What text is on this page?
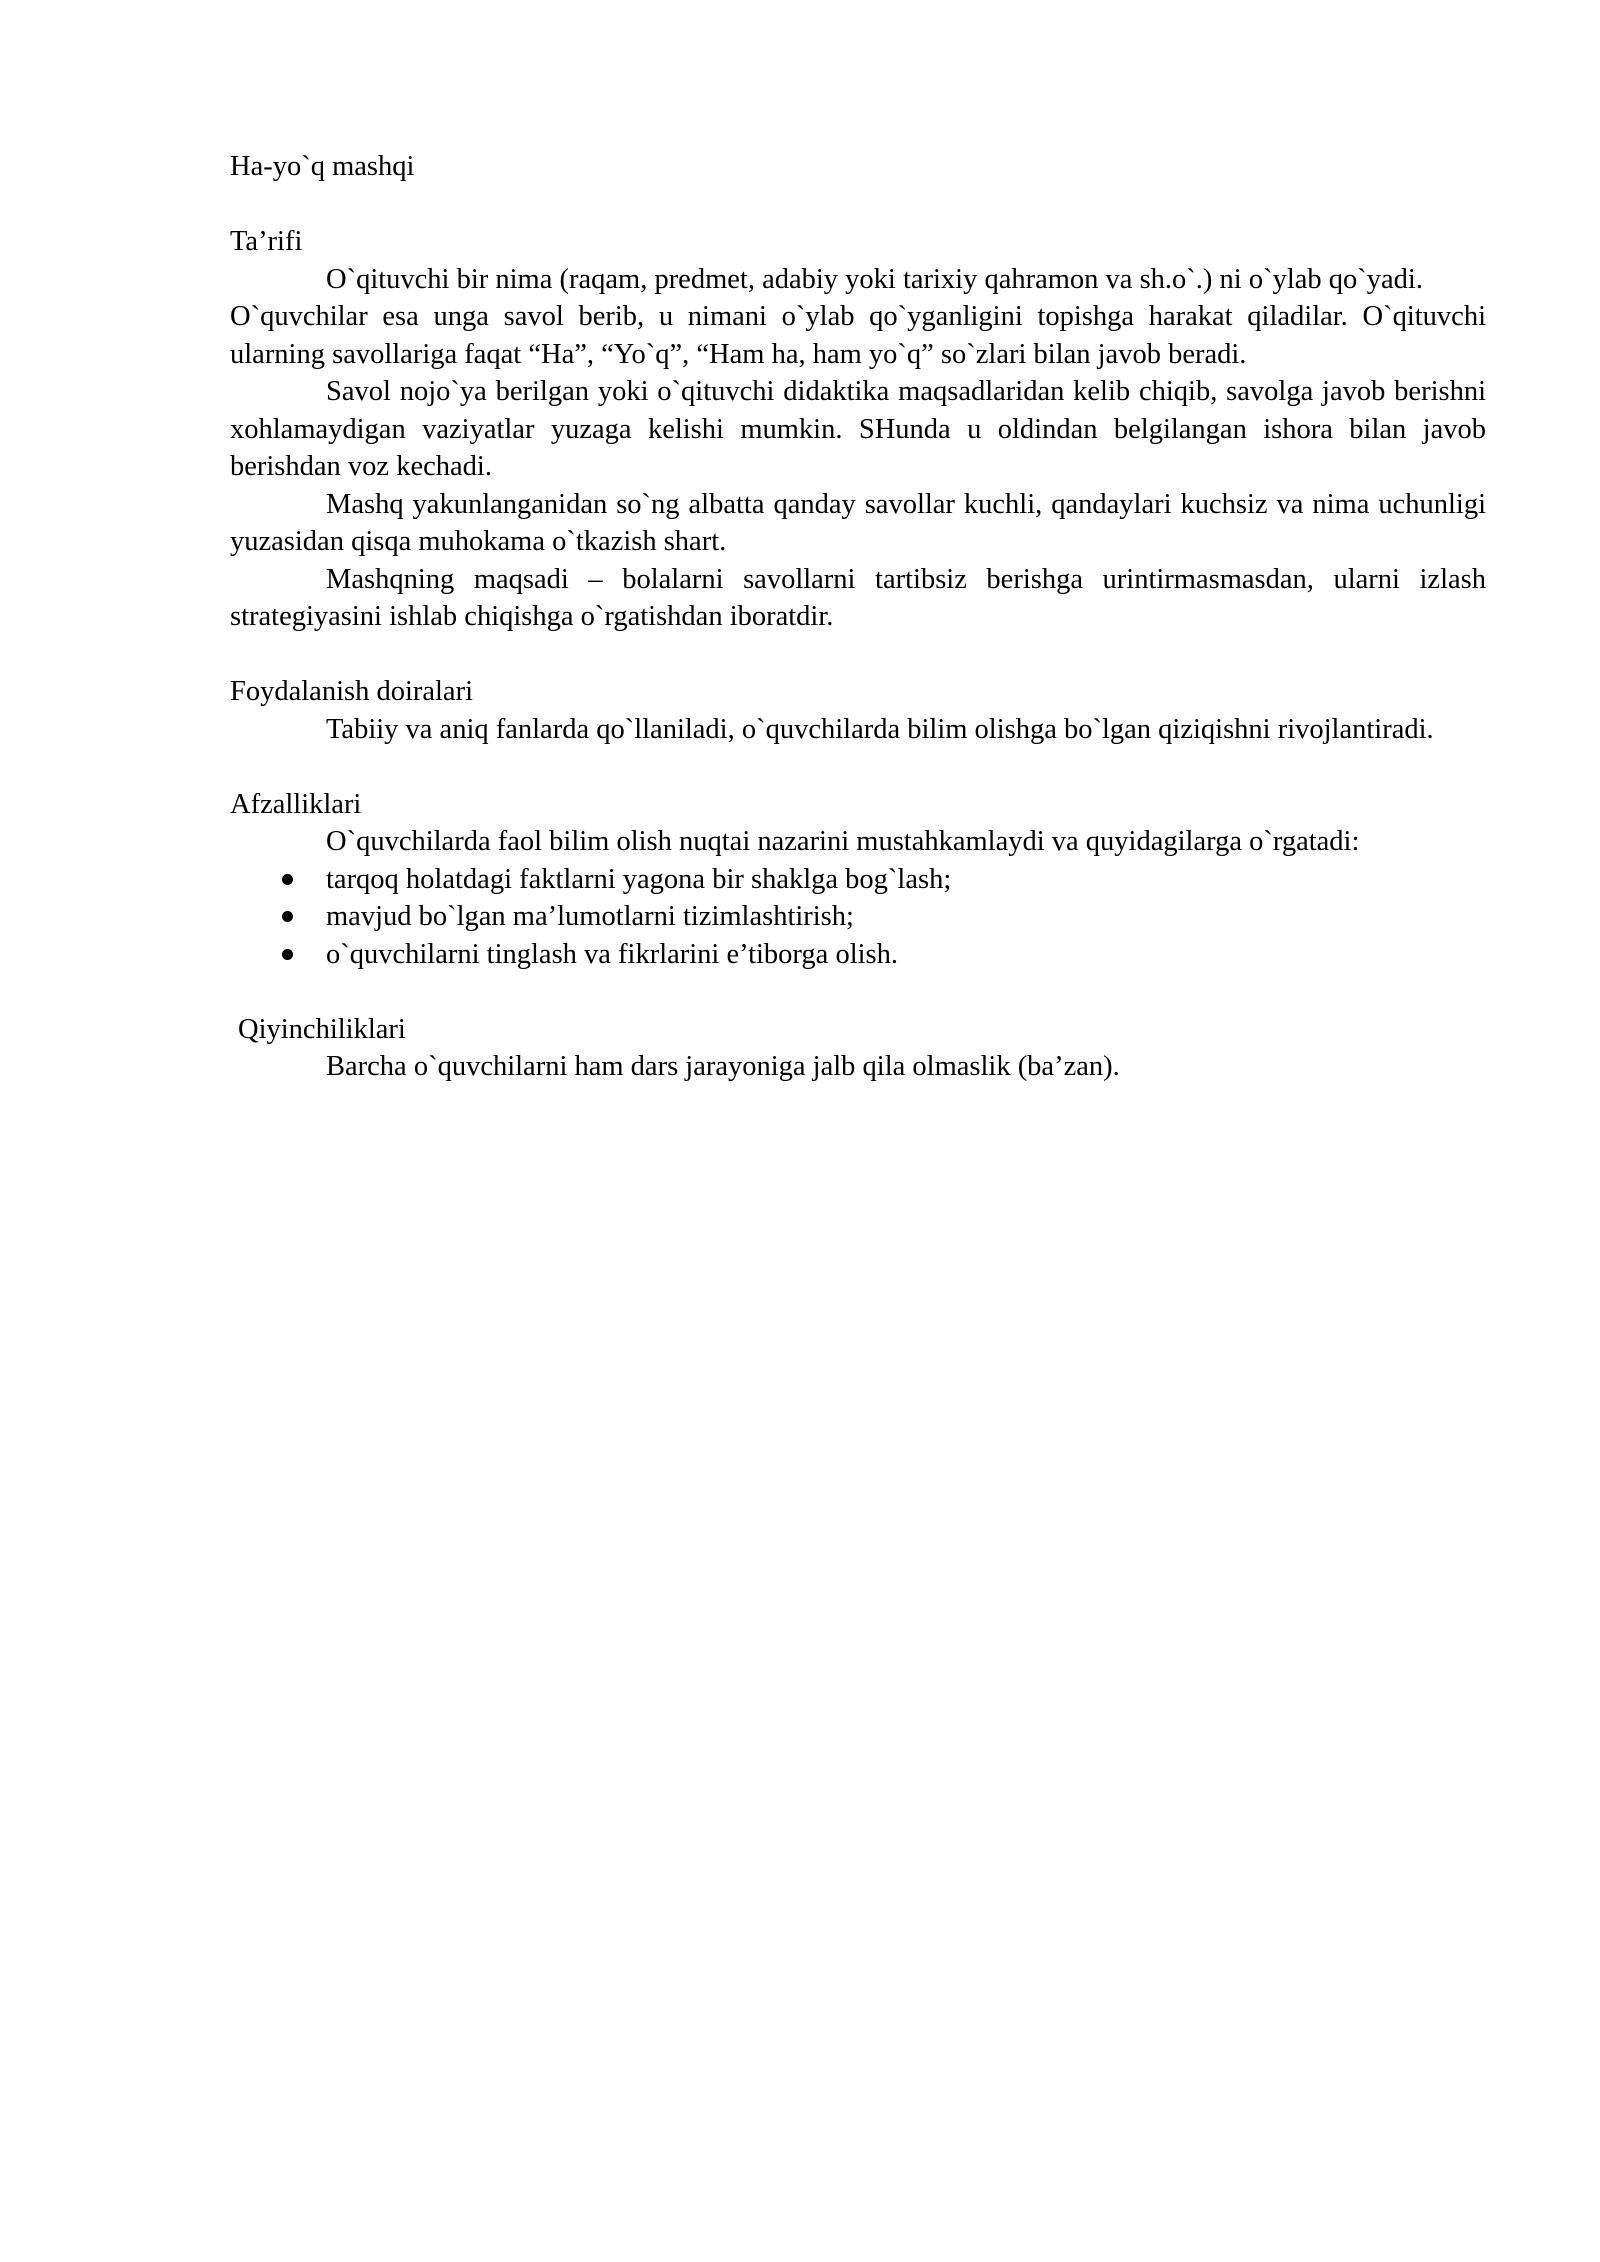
Ha-yo`q mashqi

Ta’rifi

O`qituvchi bir nima (raqam, predmet, adabiy yoki tarixiy qahramon va sh.o`.) ni o`ylab qo`yadi.

O`quvchilar esa unga savol berib, u nimani o`ylab qo`yganligini topishga harakat qiladilar. O`qituvchi ularning savollariga faqat “Ha”, “Yo`q”, “Ham ha, ham yo`q” so`zlari bilan javob beradi.

Savol nojo`ya berilgan yoki o`qituvchi didaktika maqsadlaridan kelib chiqib, savolga javob berishni xohlamaydigan vaziyatlar yuzaga kelishi mumkin. SHunda u oldindan belgilangan ishora bilan javob berishdan voz kechadi.

Mashq yakunlanganidan so`ng albatta qanday savollar kuchli, qandaylari kuchsiz va nima uchunligi yuzasidan qisqa muhokama o`tkazish shart.

Mashqning maqsadi – bolalarni savollarni tartibsiz berishga urintirmasmasdan, ularni izlash strategiyasini ishlab chiqishga o`rgatishdan iboratdir.

Foydalanish doiralari

Tabiiy va aniq fanlarda qo`llaniladi, o`quvchilarda bilim olishga bo`lgan qiziqishni rivojlantiradi.

Afzalliklari

O`quvchilarda faol bilim olish nuqtai nazarini mustahkamlaydi va quyidagilarga o`rgatadi:

tarqoq holatdagi faktlarni yagona bir shaklga bog`lash;
mavjud bo`lgan ma’lumotlarni tizimlashtirish;
o`quvchilarni tinglash va fikrlarini e’tiborga olish.

Qiyinchiliklari

Barcha o`quvchilarni ham dars jarayoniga jalb qila olmaslik (ba’zan).
